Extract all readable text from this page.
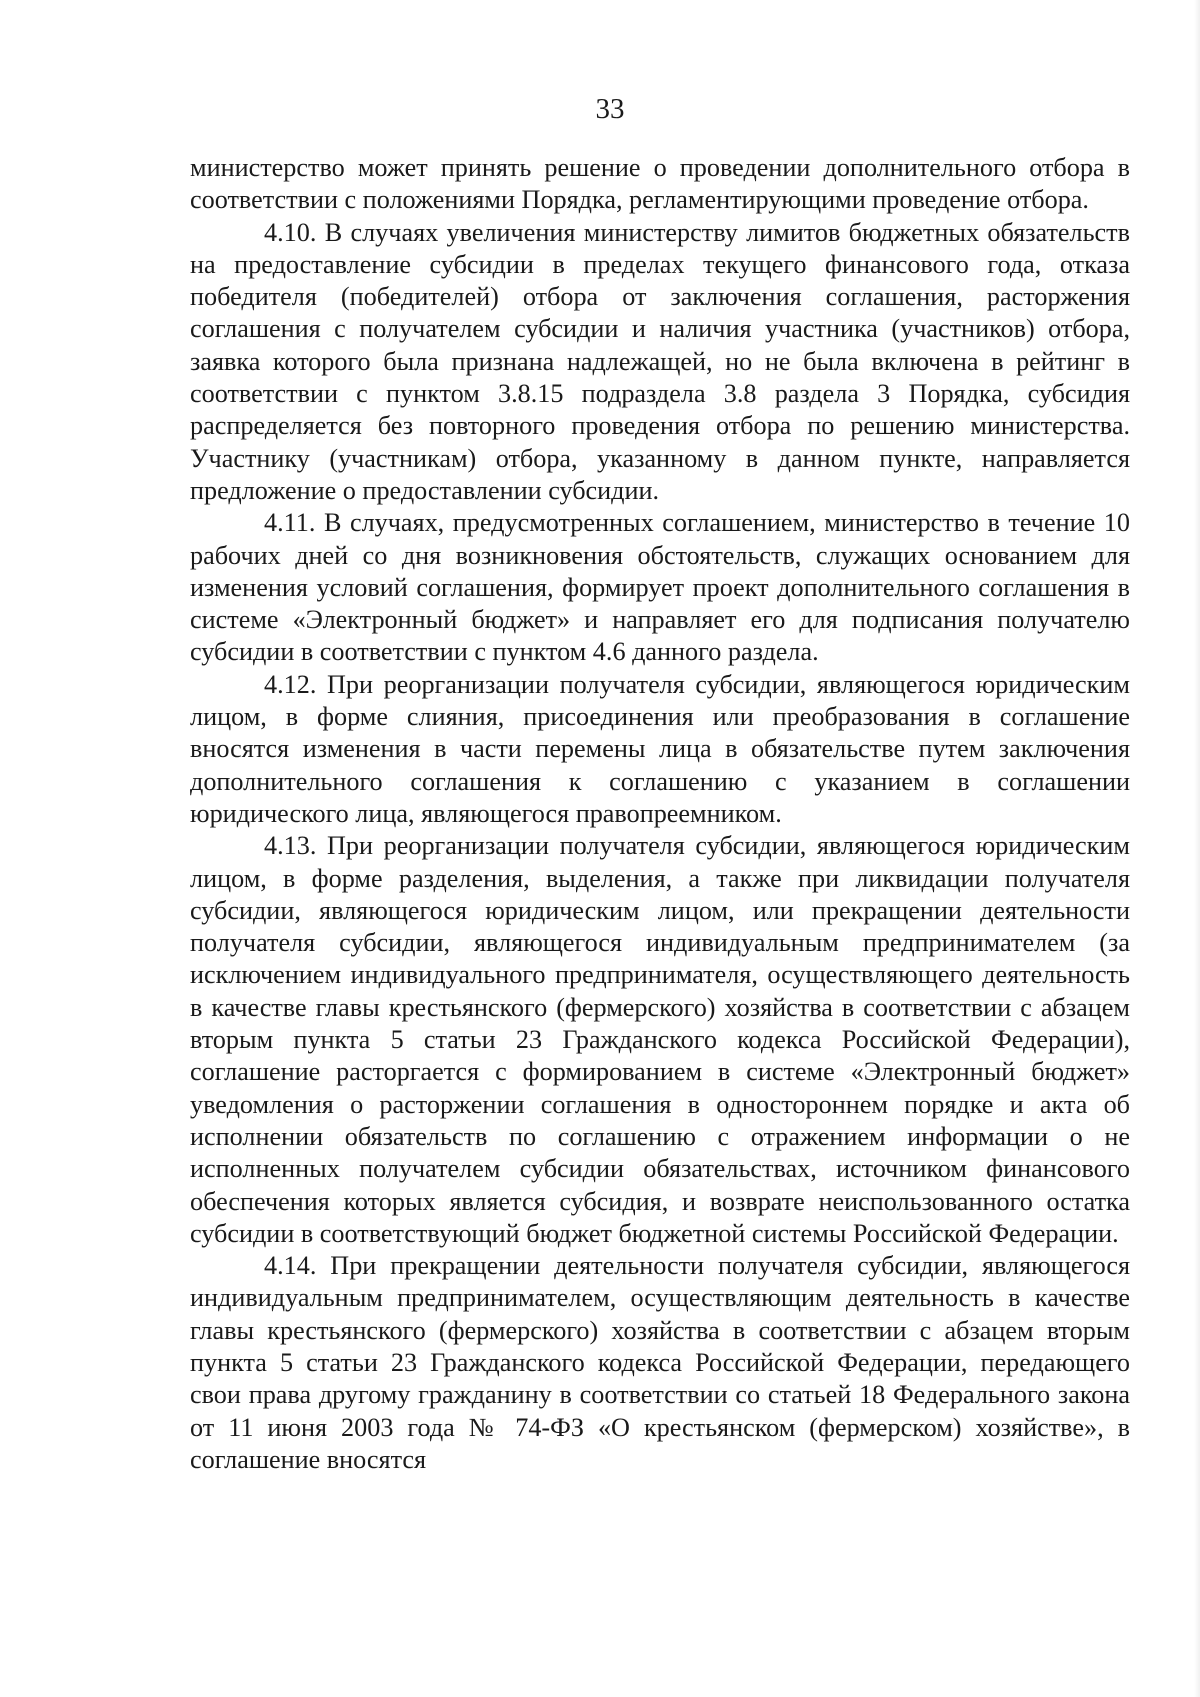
33

министерство может принять решение о проведении дополнительного отбора в соответствии с положениями Порядка, регламентирующими проведение отбора.

4.10. В случаях увеличения министерству лимитов бюджетных обязательств на предоставление субсидии в пределах текущего финансового года, отказа победителя (победителей) отбора от заключения соглашения, расторжения соглашения с получателем субсидии и наличия участника (участников) отбора, заявка которого была признана надлежащей, но не была включена в рейтинг в соответствии с пунктом 3.8.15 подраздела 3.8 раздела 3 Порядка, субсидия распределяется без повторного проведения отбора по решению министерства. Участнику (участникам) отбора, указанному в данном пункте, направляется предложение о предоставлении субсидии.

4.11. В случаях, предусмотренных соглашением, министерство в течение 10 рабочих дней со дня возникновения обстоятельств, служащих основанием для изменения условий соглашения, формирует проект дополнительного соглашения в системе «Электронный бюджет» и направляет его для подписания получателю субсидии в соответствии с пунктом 4.6 данного раздела.

4.12. При реорганизации получателя субсидии, являющегося юридическим лицом, в форме слияния, присоединения или преобразования в соглашение вносятся изменения в части перемены лица в обязательстве путем заключения дополнительного соглашения к соглашению с указанием в соглашении юридического лица, являющегося правопреемником.

4.13. При реорганизации получателя субсидии, являющегося юридическим лицом, в форме разделения, выделения, а также при ликвидации получателя субсидии, являющегося юридическим лицом, или прекращении деятельности получателя субсидии, являющегося индивидуальным предпринимателем (за исключением индивидуального предпринимателя, осуществляющего деятельность в качестве главы крестьянского (фермерского) хозяйства в соответствии с абзацем вторым пункта 5 статьи 23 Гражданского кодекса Российской Федерации), соглашение расторгается с формированием в системе «Электронный бюджет» уведомления о расторжении соглашения в одностороннем порядке и акта об исполнении обязательств по соглашению с отражением информации о не исполненных получателем субсидии обязательствах, источником финансового обеспечения которых является субсидия, и возврате неиспользованного остатка субсидии в соответствующий бюджет бюджетной системы Российской Федерации.

4.14. При прекращении деятельности получателя субсидии, являющегося индивидуальным предпринимателем, осуществляющим деятельность в качестве главы крестьянского (фермерского) хозяйства в соответствии с абзацем вторым пункта 5 статьи 23 Гражданского кодекса Российской Федерации, передающего свои права другому гражданину в соответствии со статьей 18 Федерального закона от 11 июня 2003 года № 74-ФЗ «О крестьянском (фермерском) хозяйстве», в соглашение вносятся
